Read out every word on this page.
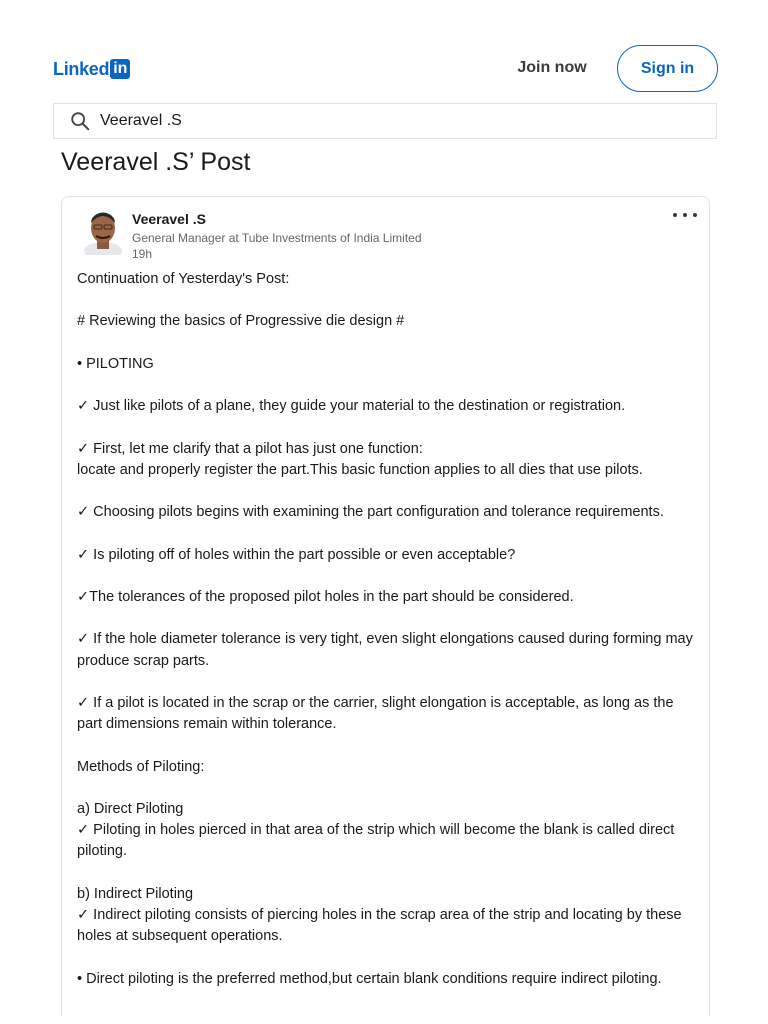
Linked in	Join now	Sign in
Veeravel .S
Veeravel .S’ Post
Veeravel .S
General Manager at Tube Investments of India Limited
19h

Continuation of Yesterday's Post:

# Reviewing the basics of Progressive die design #

• PILOTING

✓ Just like pilots of a plane, they guide your material to the destination or registration.

✓ First, let me clarify that a pilot has just one function:
locate and properly register the part.This basic function applies to all dies that use pilots.

✓ Choosing pilots begins with examining the part configuration and tolerance requirements.

✓ Is piloting off of holes within the part possible or even acceptable?

✓The tolerances of the proposed pilot holes in the part should be considered.

✓ If the hole diameter tolerance is very tight, even slight elongations caused during forming may produce scrap parts.

✓ If a pilot is located in the scrap or the carrier, slight elongation is acceptable, as long as the part dimensions remain within tolerance.

Methods of Piloting:

a) Direct Piloting
✓ Piloting in holes pierced in that area of the strip which will become the blank is called direct piloting.

b) Indirect Piloting
✓ Indirect piloting consists of piercing holes in the scrap area of the strip and locating by these holes at subsequent operations.

• Direct piloting is the preferred method,but certain blank conditions require indirect piloting.
